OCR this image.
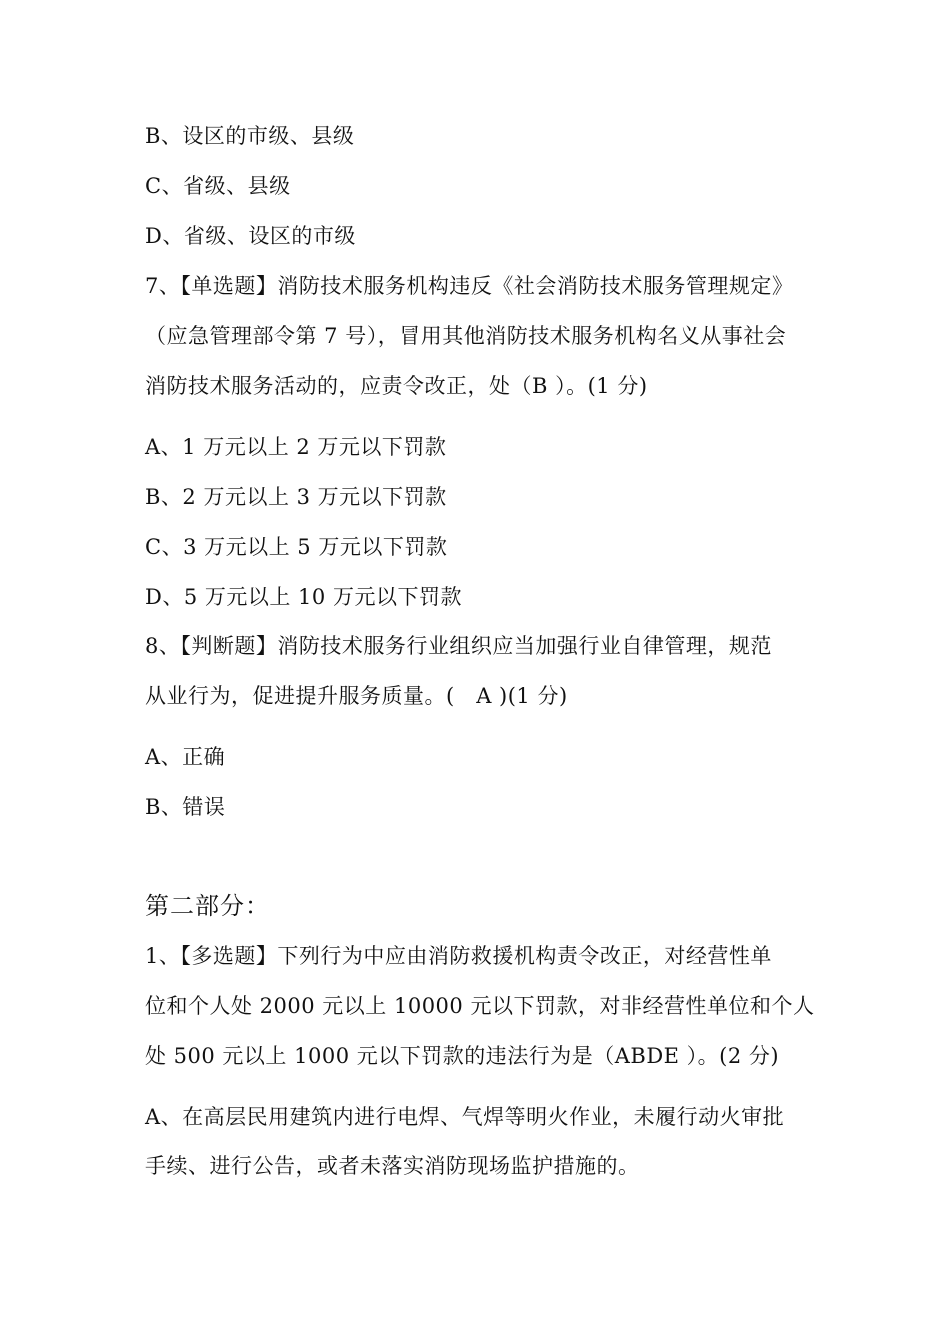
B、设区的市级、县级
C、省级、县级
D、省级、设区的市级
7、【单选题】消防技术服务机构违反《社会消防技术服务管理规定》
（应急管理部令第 7 号），冒用其他消防技术服务机构名义从事社会
消防技术服务活动的，应责令改正，处（B ）。(1 分)
A、1 万元以上 2 万元以下罚款
B、2 万元以上 3 万元以下罚款
C、3 万元以上 5 万元以下罚款
D、5 万元以上 10 万元以下罚款
8、【判断题】消防技术服务行业组织应当加强行业自律管理，规范
从业行为，促进提升服务质量。(　A )(1 分)
A、正确
B、错误
第二部分：
1、【多选题】下列行为中应由消防救援机构责令改正，对经营性单
位和个人处 2000 元以上 10000 元以下罚款，对非经营性单位和个人
处 500 元以上 1000 元以下罚款的违法行为是（ABDE ）。(2 分)
A、在高层民用建筑内进行电焊、气焊等明火作业，未履行动火审批
手续、进行公告，或者未落实消防现场监护措施的。
